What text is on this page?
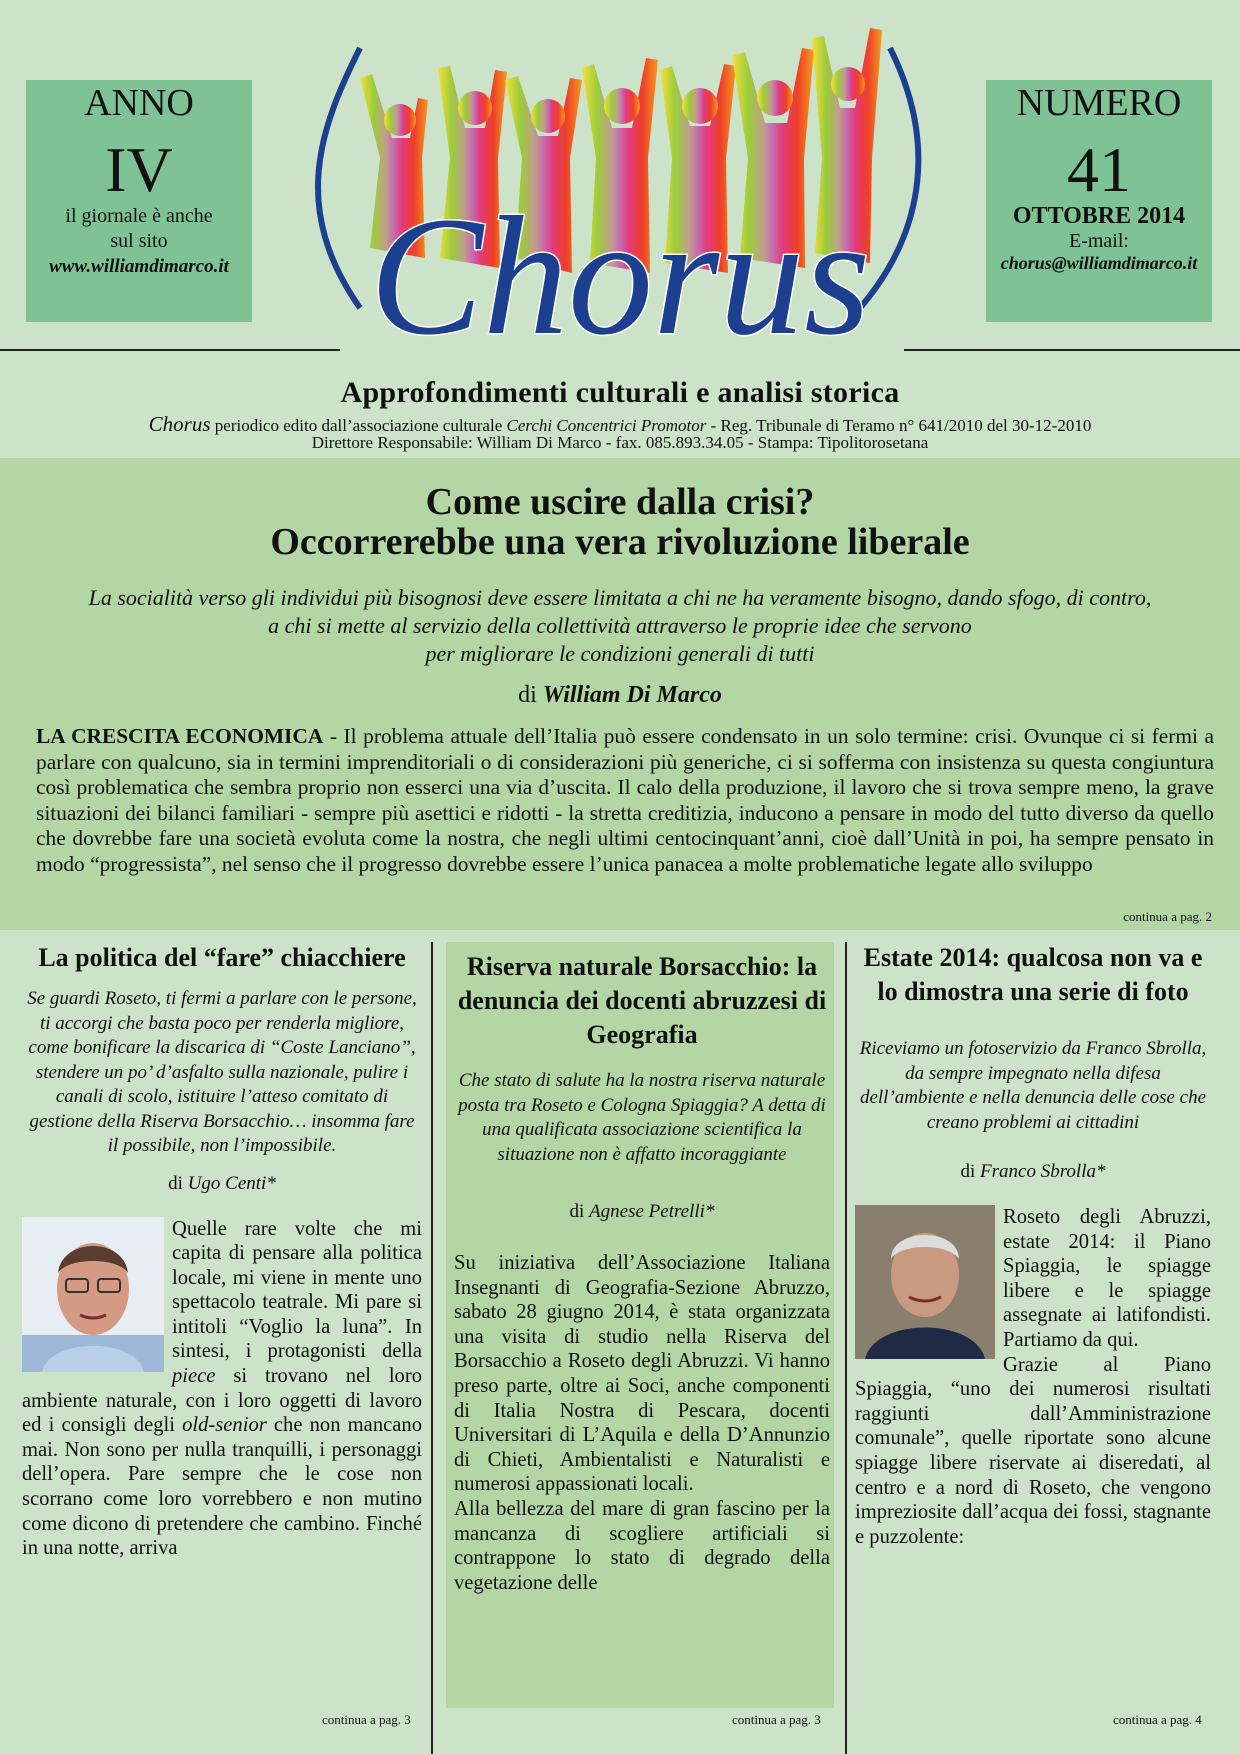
ANNO
IV
il giornale è anche
sul sito
www.williamdimarco.it
NUMERO
41
OTTOBRE 2014
E-mail:
chorus@williamdimarco.it
Chorus
Approfondimenti culturali e analisi storica
Chorus periodico edito dall’associazione culturale Cerchi Concentrici Promotor - Reg. Tribunale di Teramo n° 641/2010 del 30-12-2010
Direttore Responsabile: William Di Marco - fax. 085.893.34.05 - Stampa: Tipolitorosetana
Come uscire dalla crisi?
Occorrerebbe una vera rivoluzione liberale
La socialità verso gli individui più bisognosi deve essere limitata a chi ne ha veramente bisogno, dando sfogo, di contro,
a chi si mette al servizio della collettività attraverso le proprie idee che servono
per migliorare le condizioni generali di tutti
di William Di Marco
LA CRESCITA ECONOMICA - Il problema attuale dell’Italia può essere condensato in un solo termine: crisi. Ovunque ci si fermi a parlare con qualcuno, sia in termini imprenditoriali o di considerazioni più generiche, ci si sofferma con insistenza su questa congiuntura così problematica che sembra proprio non esserci una via d’uscita. Il calo della produzione, il lavoro che si trova sempre meno, la grave situazioni dei bilanci familiari - sempre più asettici e ridotti - la stretta creditizia, inducono a pensare in modo del tutto diverso da quello che dovrebbe fare una società evoluta come la nostra, che negli ultimi centocinquant’anni, cioè dall’Unità in poi, ha sempre pensato in modo “progressista”, nel senso che il progresso dovrebbe essere l’unica panacea a molte problematiche legate allo sviluppo
continua a pag. 2
La politica del “fare” chiacchiere
Se guardi Roseto, ti fermi a parlare con le persone, ti accorgi che basta poco per renderla migliore, come bonificare la discarica di “Coste Lanciano”, stendere un po’ d’asfalto sulla nazionale, pulire i canali di scolo, istituire l’atteso comitato di gestione della Riserva Borsacchio… insomma fare il possibile, non l’impossibile.
di Ugo Centi*
Quelle rare volte che mi capita di pensare alla politica locale, mi viene in mente uno spettacolo teatrale. Mi pare si intitoli “Voglio la luna”. In sintesi, i protagonisti della piece si trovano nel loro ambiente naturale, con i loro oggetti di lavoro ed i consigli degli old-senior che non mancano mai. Non sono per nulla tranquilli, i personaggi dell’opera. Pare sempre che le cose non scorrano come loro vorrebbero e non mutino come dicono di pretendere che cambino. Finché in una notte, arriva
continua a pag. 3
Riserva naturale Borsacchio: la denuncia dei docenti abruzzesi di Geografia
Che stato di salute ha la nostra riserva naturale posta tra Roseto e Cologna Spiaggia? A detta di una qualificata associazione scientifica la situazione non è affatto incoraggiante
di Agnese Petrelli*
Su iniziativa dell’Associazione Italiana Insegnanti di Geografia-Sezione Abruzzo, sabato 28 giugno 2014, è stata organizzata una visita di studio nella Riserva del Borsacchio a Roseto degli Abruzzi. Vi hanno preso parte, oltre ai Soci, anche componenti di Italia Nostra di Pescara, docenti Universitari di L’Aquila e della D’Annunzio di Chieti, Ambientalisti e Naturalisti e numerosi appassionati locali.
Alla bellezza del mare di gran fascino per la mancanza di scogliere artificiali si contrappone lo stato di degrado della vegetazione delle
continua a pag. 3
Estate 2014: qualcosa non va e lo dimostra una serie di foto
Riceviamo un fotoservizio da Franco Sbrolla, da sempre impegnato nella difesa dell’ambiente e nella denuncia delle cose che creano problemi ai cittadini
di Franco Sbrolla*
Roseto degli Abruzzi, estate 2014: il Piano Spiaggia, le spiagge libere e le spiagge assegnate ai latifondisti. Partiamo da qui.
Grazie al Piano Spiaggia, “uno dei numerosi risultati raggiunti dall’Amministrazione comunale”, quelle riportate sono alcune spiagge libere riservate ai diseredati, al centro e a nord di Roseto, che vengono impreziosite dall’acqua dei fossi, stagnante e puzzolente:
continua a pag. 4
